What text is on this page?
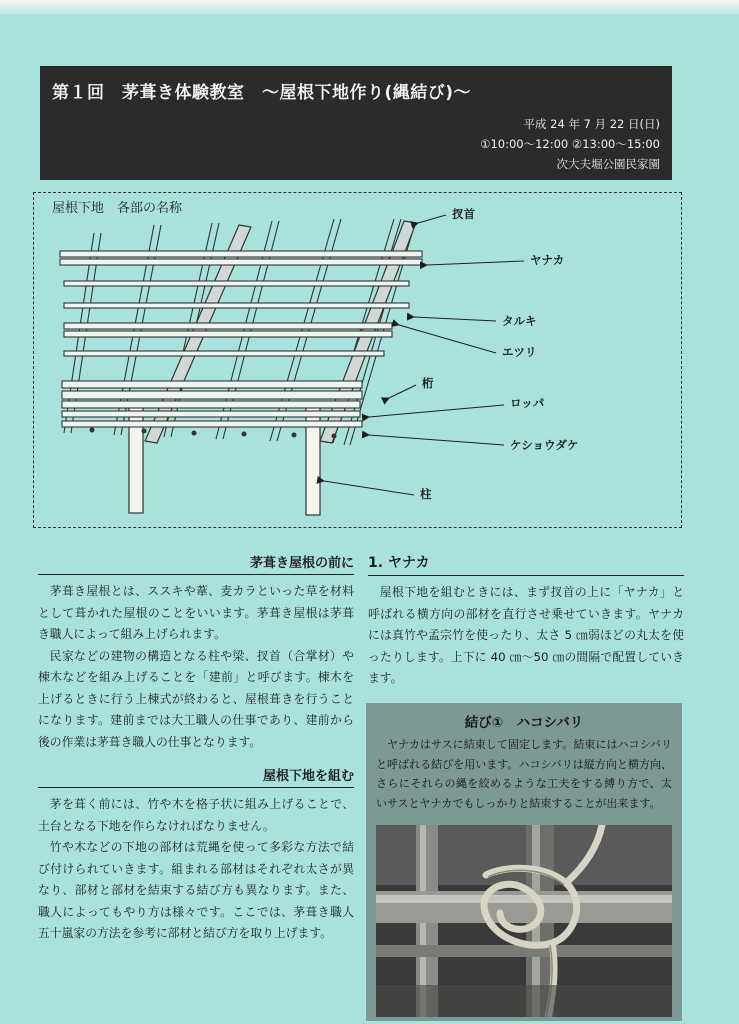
第１回　茅葺き体験教室　～屋根下地作り(縄結び)～
平成 24 年 7 月 22 日(日)
①10:00～12:00 ②13:00～15:00
次大夫堀公園民家園
屋根下地　各部の名称	扠首
ヤナカ
タルキ
エツリ
桁
ロッパ
ケショウダケ
柱
茅葺き屋根の前に

茅葺き屋根とは、ススキや葦、麦カラといった草を材料として葺かれた屋根のことをいいます。茅葺き屋根は茅葺き職人によって組み上げられます。

民家などの建物の構造となる柱や梁、扠首（合掌材）や棟木などを組み上げることを「建前」と呼びます。棟木を上げるときに行う上棟式が終わると、屋根葺きを行うことになります。建前までは大工職人の仕事であり、建前から後の作業は茅葺き職人の仕事となります。

屋根下地を組む

茅を葺く前には、竹や木を格子状に組み上げることで、土台となる下地を作らなければなりません。

竹や木などの下地の部材は荒縄を使って多彩な方法で結び付けられていきます。組まれる部材はそれぞれ太さが異なり、部材と部材を結束する結び方も異なります。また、職人によってもやり方は様々です。ここでは、茅葺き職人五十嵐家の方法を参考に部材と結び方を取り上げます。

1. ヤナカ

屋根下地を組むときには、まず扠首の上に「ヤナカ」と呼ばれる横方向の部材を直行させ乗せていきます。ヤナカには真竹や孟宗竹を使ったり、太さ 5 ㎝弱ほどの丸太を使ったりします。上下に 40 ㎝～50 ㎝の間隔で配置していきます。

結び①　ハコシバリ

ヤナカはサスに結束して固定します。結束にはハコシバリと呼ばれる結びを用います。ハコシバリは縦方向と横方向、さらにそれらの縄を絞めるような工夫をする縛り方で、太いサスとヤナカでもしっかりと結束することが出来ます。
